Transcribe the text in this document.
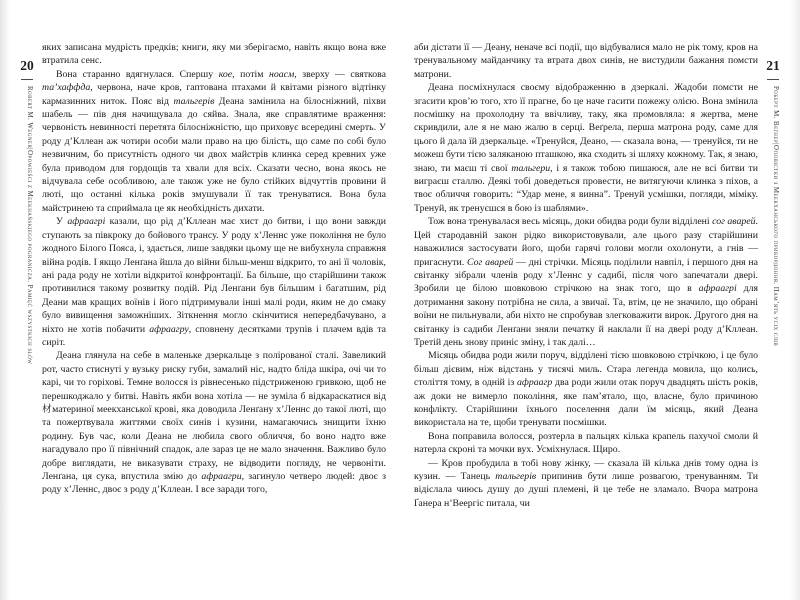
20
Robert M. Wegner|Opowieści z Meekhańskiego pogranicza. Pamięć wszystkich słów
21
Роберт М. Веґнер|Оповістки з Меекханського прикордоння. Пам’ять усіх слів

яких записана мудрість предків; книги, яку ми зберігаємо, навіть якщо вона вже втратила сенс.

Вона старанно вдягнулася. Спершу кое, потім ноасм, зверху — святкова та’хаффда, червона, наче кров, гаптована птахами й квітами різного відтінку кармазинних ниток. Пояс від тальгерів Деана замінила на білосніжний, піхви шабель — пів дня начищувала до сяйва. Знала, яке справлятиме враження: червоність невинності перетята білосніжністю, що приховує всередині смерть. У роду д’Кллеан аж чотири особи мали право на цю білість, що саме по собі було незвичним, бо присутність одного чи двох майстрів клинка серед кревних уже була приводом для гордощів та хвали для всіх. Сказати чесно, вона якось не відчувала себе особливою, але також уже не було стійких відчуттів провини й люті, що останні кілька років змушували її так тренуватися. Вона була майстринею та сприймала це як необхідність дихати.

У афраагрі казали, що рід д’Кллеан має хист до битви, і що вони завжди ступають за півкроку до бойового трансу. У роду х’Леннс уже покоління не було жодного Білого Пояса, і, здається, лише завдяки цьому ще не вибухнула справжня війна родів. І якщо Ленґана йшла до війни більш-менш відкрито, то ані її чоловік, ані рада роду не хотіли відкритої конфронтації. Ба більше, що старійшини також противилися такому розвитку подій. Рід Ленґани був більшим і багатшим, рід Деани мав кращих воїнів і його підтримували інші малі роди, яким не до смаку було вивищення заможніших. Зіткнення могло скінчитися непередбачувано, а ніхто не хотів побачити афраагру, сповнену десятками трупів і плачем вдів та сиріт.

Деана глянула на себе в маленьке дзеркальце з полірованої сталі. Завеликий рот, часто стиснуті у вузьку риску губи, замалий ніс, надто бліда шкіра, очі чи то карі, чи то горіхові. Темне волосся із рівнесенько підстриженою гривкою, щоб не перешкоджало у битві. Навіть якби вона хотіла — не зуміла б відкараскатися від材материної меекханської крові, яка доводила Ленґану х’Леннс до такої люті, що та пожертвувала життями своїх синів і кузини, намагаючись знищити їхню родину. Був час, коли Деана не любила свого обличчя, бо воно надто вже нагадувало про її північний спадок, але зараз це не мало значення. Важливо було добре виглядати, не виказувати страху, не відводити погляду, не червоніти. Ленґана, ця сука, впустила змію до афраагри, загинуло четверо людей: двоє з роду х’Леннс, двоє з роду д’Кллеан. І все заради того,

аби дістати її — Деану, неначе всі події, що відбувалися мало не рік тому, кров на тренувальному майданчику та втрата двох синів, не вистудили бажання помсти матрони.

Деана посміхнулася своєму відображенню в дзеркалі. Жадоби помсти не згасити кров’ю того, хто її прагне, бо це наче гасити пожежу олією. Вона змінила посмішку на прохолодну та ввічливу, таку, яка промовляла: я жертва, мене скривдили, але я не маю жалю в серці. Веґрела, перша матрона роду, саме для цього й дала їй дзеркальце. «Тренуйся, Деано, — сказала вона, — тренуйся, ти не можеш бути тією заляканою пташкою, яка сходить зі шляху кожному. Так, я знаю, знаю, ти маєш ті свої тальгери, і я також тобою пишаюся, але не всі битви ти виграєш сталлю. Деякі тобі доведеться провести, не витягуючи клинка з піхов, а твоє обличчя говорить: “Удар мене, я винна”. Тренуй усмішки, погляди, міміку. Тренуй, як тренуєшся в бою із шаблями».

Тож вона тренувалася весь місяць, доки обидва роди були відділені сог аварей. Цей стародавній закон рідко використовували, але цього разу старійшини наважилися застосувати його, щоби гарячі голови могли охолонути, а гнів — пригаснути. Сог аварей — дні стрічки. Місяць поділили навпіл, і першого дня на світанку зібрали членів роду х’Леннс у садибі, після чого запечатали двері. Зробили це білою шовковою стрічкою на знак того, що в афраагрі для дотримання закону потрібна не сила, а звичаї. Та, втім, це не значило, що обрані воїни не пильнували, аби ніхто не спробував злегковажити вирок. Другого дня на світанку із садиби Ленґани зняли печатку й наклали її на двері роду д’Кллеан. Третій день знову приніс зміну, і так далі…

Місяць обидва роди жили поруч, відділені тією шовковою стрічкою, і це було більш дієвим, ніж відстань у тисячі миль. Стара легенда мовила, що колись, століття тому, в одній із афраагр два роди жили отак поруч двадцять шість років, аж доки не вимерло покоління, яке пам’ятало, що, власне, було причиною конфлікту. Старійшини їхнього поселення дали їм місяць, який Деана використала на те, щоби тренувати посмішки.

Вона поправила волосся, розтерла в пальцях кілька крапель пахучої смоли й натерла скроні та мочки вух. Усміхнулася. Щиро.

— Кров пробудила в тобі нову жінку, — сказала їй кілька днів тому одна із кузин. — Танець тальгерів припинив бути лише розвагою, тренуванням. Ти відіслала чиюсь душу до душі племені, й це тебе не зламало. Вчора матрона Ґанера н’Веергіс питала, чи
